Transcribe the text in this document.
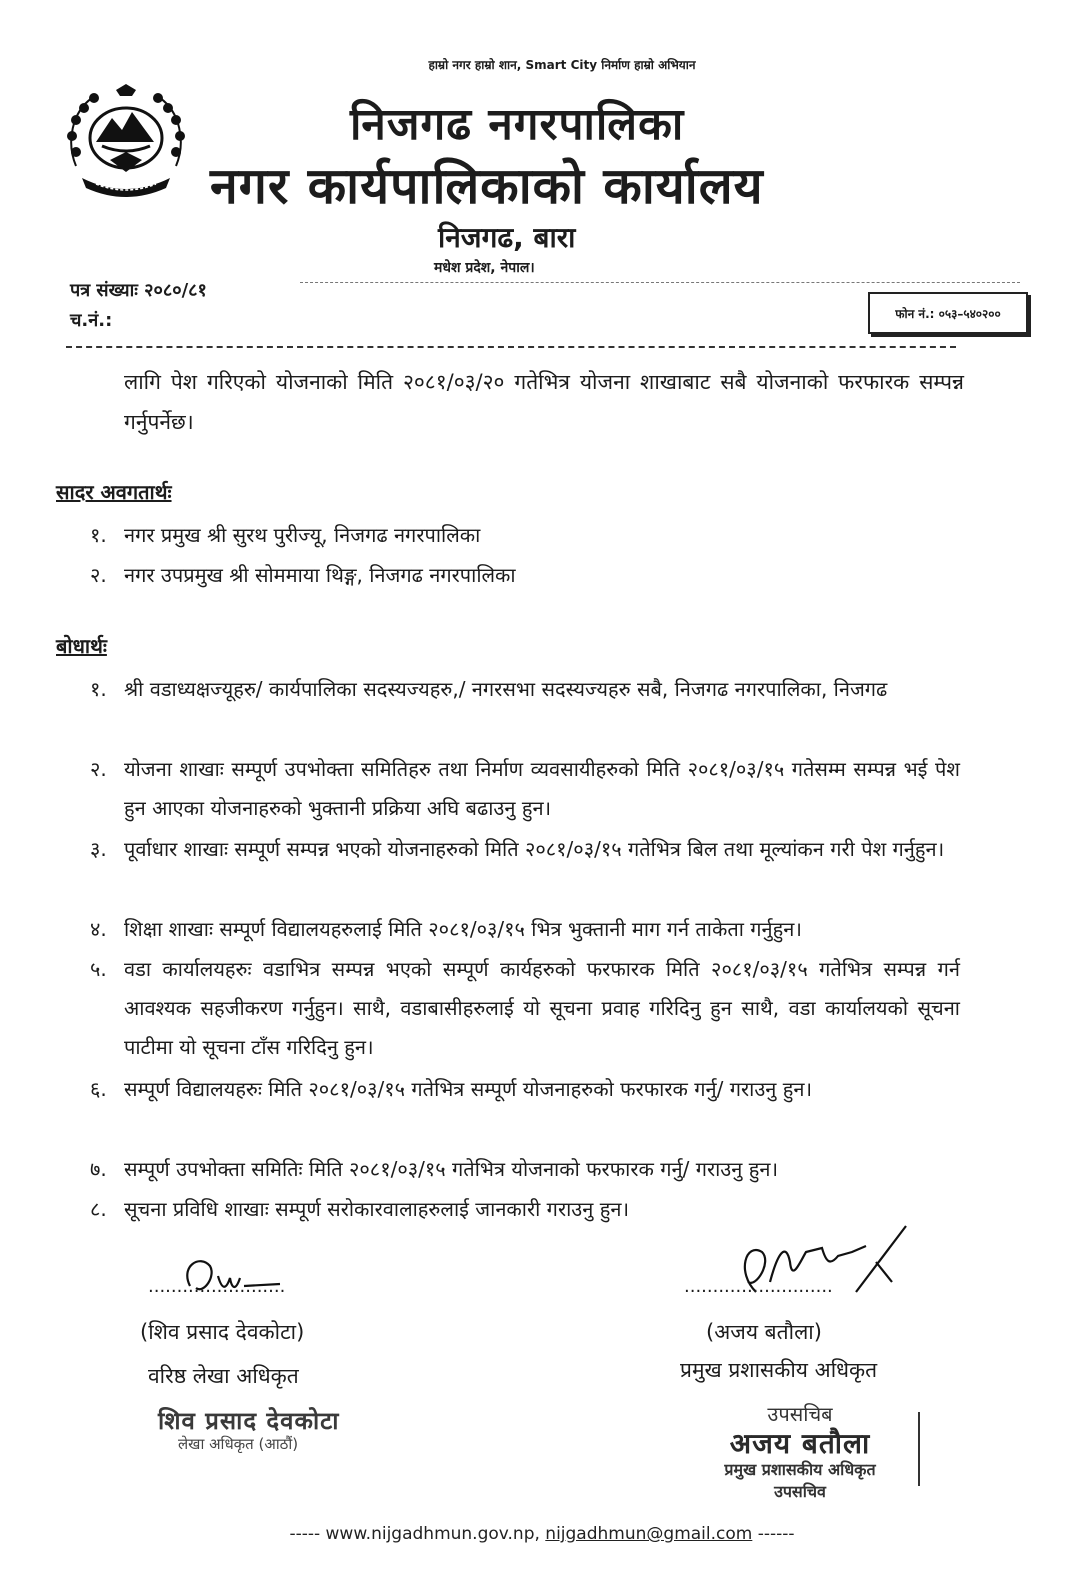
हाम्रो नगर हाम्रो शान, Smart City निर्माण हाम्रो अभियान
निजगढ नगरपालिका
नगर कार्यपालिकाको कार्यालय
निजगढ, बारा
मधेश प्रदेश, नेपाल।
पत्र संख्याः २०८०/८१
च.नं.:	फोन नं.: ०५३–५४०२००
लागि पेश गरिएको योजनाको मिति २०८१/०३/२० गतेभित्र योजना शाखाबाट सबै योजनाको फरफारक सम्पन्न गर्नुपर्नेछ।
सादर अवगतार्थः
१. नगर प्रमुख श्री सुरथ पुरीज्यू, निजगढ नगरपालिका
२. नगर उपप्रमुख श्री सोममाया थिङ्ग, निजगढ नगरपालिका
बोधार्थः
१. श्री वडाध्यक्षज्यूहरु/ कार्यपालिका सदस्यज्यहरु,/ नगरसभा सदस्यज्यहरु सबै, निजगढ नगरपालिका, निजगढ
२. योजना शाखाः सम्पूर्ण उपभोक्ता समितिहरु तथा निर्माण व्यवसायीहरुको मिति २०८१/०३/१५ गतेसम्म सम्पन्न भई पेश हुन आएका योजनाहरुको भुक्तानी प्रक्रिया अघि बढाउनु हुन।
३. पूर्वाधार शाखाः सम्पूर्ण सम्पन्न भएको योजनाहरुको मिति २०८१/०३/१५ गतेभित्र बिल तथा मूल्यांकन गरी पेश गर्नुहुन।
४. शिक्षा शाखाः सम्पूर्ण विद्यालयहरुलाई मिति २०८१/०३/१५ भित्र भुक्तानी माग गर्न ताकेता गर्नुहुन।
५. वडा कार्यालयहरुः वडाभित्र सम्पन्न भएको सम्पूर्ण कार्यहरुको फरफारक मिति २०८१/०३/१५ गतेभित्र सम्पन्न गर्न आवश्यक सहजीकरण गर्नुहुन। साथै, वडाबासीहरुलाई यो सूचना प्रवाह गरिदिनु हुन साथै, वडा कार्यालयको सूचना पाटीमा यो सूचना टाँस गरिदिनु हुन।
६. सम्पूर्ण विद्यालयहरुः मिति २०८१/०३/१५ गतेभित्र सम्पूर्ण योजनाहरुको फरफारक गर्नु/ गराउनु हुन।
७. सम्पूर्ण उपभोक्ता समितिः मिति २०८१/०३/१५ गतेभित्र योजनाको फरफारक गर्नु/ गराउनु हुन।
८. सूचना प्रविधि शाखाः सम्पूर्ण सरोकारवालाहरुलाई जानकारी गराउनु हुन।
........................
(शिव प्रसाद देवकोटा)
वरिष्ठ लेखा अधिकृत
शिव प्रसाद देवकोटा
लेखा अधिकृत (आठौं)
..........................
(अजय बतौला)
प्रमुख प्रशासकीय अधिकृत
उपसचिब
अजय बतौला
प्रमुख प्रशासकीय अधिकृत
उपसचिव
----- www.nijgadhmun.gov.np, nijgadhmun@gmail.com ------
